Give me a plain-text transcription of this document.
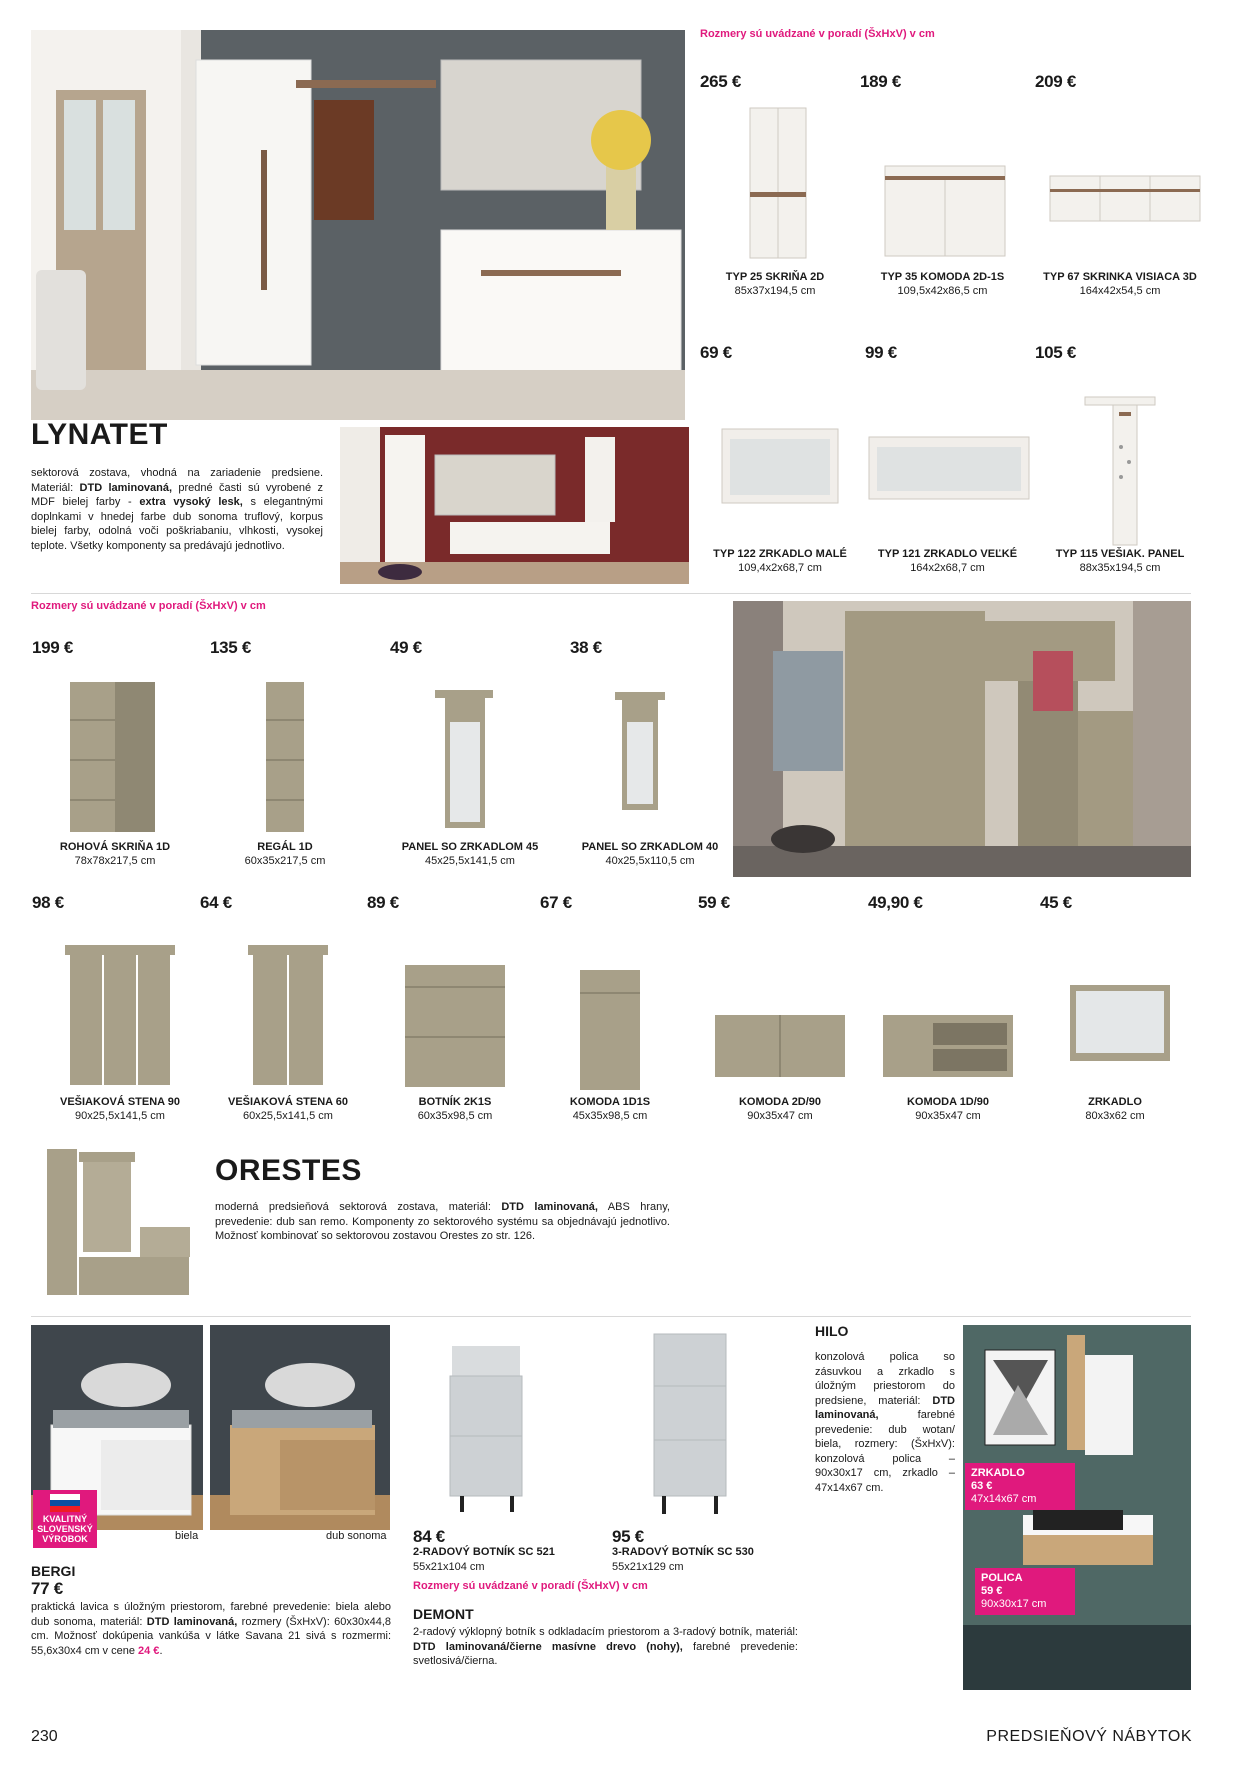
Rozmery sú uvádzané v poradí (ŠxHxV) v cm
265 €
TYP 25 SKRIŇA 2D
85x37x194,5 cm
189 €
TYP 35 KOMODA 2D-1S
109,5x42x86,5 cm
209 €
TYP 67 SKRINKA VISIACA 3D
164x42x54,5 cm
69 €
TYP 122 ZRKADLO MALÉ
109,4x2x68,7 cm
99 €
TYP 121 ZRKADLO VEĽKÉ
164x2x68,7 cm
105 €
TYP 115 VEŠIAK. PANEL
88x35x194,5 cm
LYNATET
sektorová zostava, vhodná na zariadenie predsiene. Materiál: DTD laminovaná, predné časti sú vyrobené z MDF bielej farby - extra vysoký lesk, s elegantnými doplnkami v hnedej farbe dub sonoma truflový, korpus bielej farby, odolná voči poškriabaniu, vlhkosti, vysokej teplote. Všetky komponenty sa predávajú jednotlivo.
Rozmery sú uvádzané v poradí (ŠxHxV) v cm
199 €
ROHOVÁ SKRIŇA 1D
78x78x217,5 cm
135 €
REGÁL 1D
60x35x217,5 cm
49 €
PANEL SO ZRKADLOM 45
45x25,5x141,5 cm
38 €
PANEL SO ZRKADLOM 40
40x25,5x110,5 cm
98 €
VEŠIAKOVÁ STENA 90
90x25,5x141,5 cm
64 €
VEŠIAKOVÁ STENA 60
60x25,5x141,5 cm
89 €
BOTNÍK 2K1S
60x35x98,5 cm
67 €
KOMODA 1D1S
45x35x98,5 cm
59 €
KOMODA 2D/90
90x35x47 cm
49,90 €
KOMODA 1D/90
90x35x47 cm
45 €
ZRKADLO
80x3x62 cm
ORESTES
moderná predsieňová sektorová zostava, materiál: DTD laminovaná, ABS hrany, prevedenie: dub san remo. Komponenty zo sektorového systému sa objednávajú jednotlivo. Možnosť kombinovať so sektorovou zostavou Orestes zo str. 126.
biela	dub sonoma
KVALITNÝ SLOVENSKÝ VÝROBOK
BERGI
77 €
praktická lavica s úložným priestorom, farebné prevedenie: biela alebo dub sonoma, materiál: DTD laminovaná, rozmery (ŠxHxV): 60x30x44,8 cm. Možnosť dokúpenia vankúša v látke Savana 21 sivá s rozmermi: 55,6x30x4 cm v cene 24 €.
84 €
2-RADOVÝ BOTNÍK SC 521
55x21x104 cm
95 €
3-RADOVÝ BOTNÍK SC 530
55x21x129 cm
Rozmery sú uvádzané v poradí (ŠxHxV) v cm
DEMONT
2-radový výklopný botník s odkladacím priestorom a 3-radový botník, materiál: DTD laminovaná/čierne masívne drevo (nohy), farebné prevedenie: svetlosivá/čierna.
HILO
konzolová polica so zásuvkou a zrkadlo s úložným priestorom do predsiene, materiál: DTD laminovaná, farebné prevedenie: dub wotan/ biela, rozmery: (ŠxHxV): konzolová polica – 90x30x17 cm, zrkadlo – 47x14x67 cm.
ZRKADLO
63 €
47x14x67 cm
POLICA
59 €
90x30x17 cm
230	PREDSIEŇOVÝ NÁBYTOK
